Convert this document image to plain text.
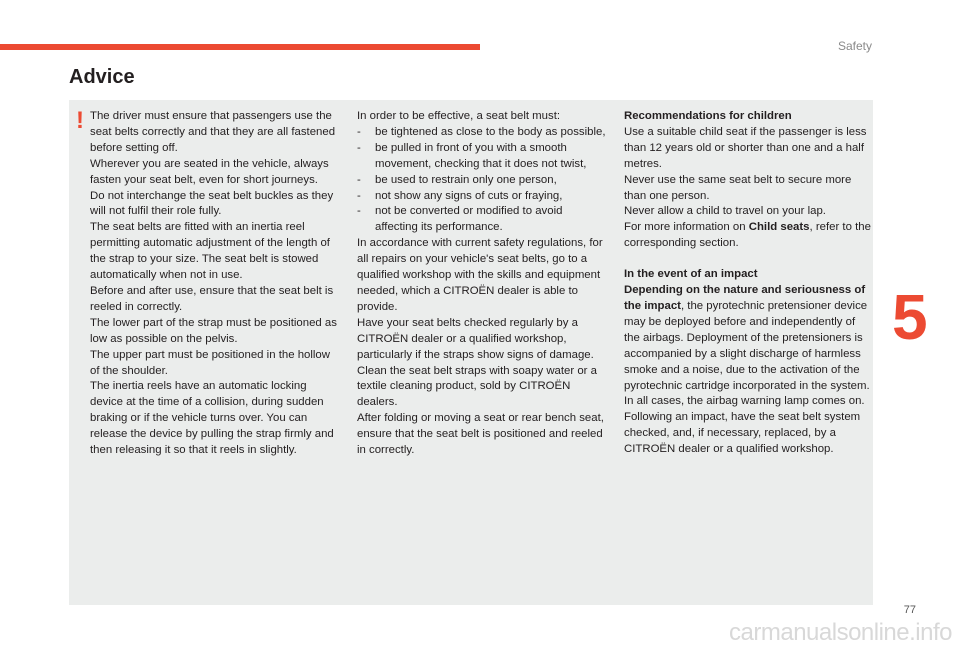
Safety
Advice
! The driver must ensure that passengers use the seat belts correctly and that they are all fastened before setting off.

Wherever you are seated in the vehicle, always fasten your seat belt, even for short journeys.

Do not interchange the seat belt buckles as they will not fulfil their role fully.

The seat belts are fitted with an inertia reel permitting automatic adjustment of the length of the strap to your size. The seat belt is stowed automatically when not in use.

Before and after use, ensure that the seat belt is reeled in correctly.

The lower part of the strap must be positioned as low as possible on the pelvis.

The upper part must be positioned in the hollow of the shoulder.

The inertia reels have an automatic locking device at the time of a collision, during sudden braking or if the vehicle turns over. You can release the device by pulling the strap firmly and then releasing it so that it reels in slightly.

In order to be effective, a seat belt must:

- be tightened as close to the body as possible,
- be pulled in front of you with a smooth movement, checking that it does not twist,
- be used to restrain only one person,
- not show any signs of cuts or fraying,
- not be converted or modified to avoid affecting its performance.

In accordance with current safety regulations, for all repairs on your vehicle's seat belts, go to a qualified workshop with the skills and equipment needed, which a CITROËN dealer is able to provide.

Have your seat belts checked regularly by a CITROËN dealer or a qualified workshop, particularly if the straps show signs of damage.

Clean the seat belt straps with soapy water or a textile cleaning product, sold by CITROËN dealers.

After folding or moving a seat or rear bench seat, ensure that the seat belt is positioned and reeled in correctly.

Recommendations for children

Use a suitable child seat if the passenger is less than 12 years old or shorter than one and a half metres.

Never use the same seat belt to secure more than one person.

Never allow a child to travel on your lap.

For more information on Child seats, refer to the corresponding section.

In the event of an impact

Depending on the nature and seriousness of the impact, the pyrotechnic pretensioner device may be deployed before and independently of the airbags. Deployment of the pretensioners is accompanied by a slight discharge of harmless smoke and a noise, due to the activation of the pyrotechnic cartridge incorporated in the system.

In all cases, the airbag warning lamp comes on.

Following an impact, have the seat belt system checked, and, if necessary, replaced, by a CITROËN dealer or a qualified workshop.

5
77
carmanualsonline.info
